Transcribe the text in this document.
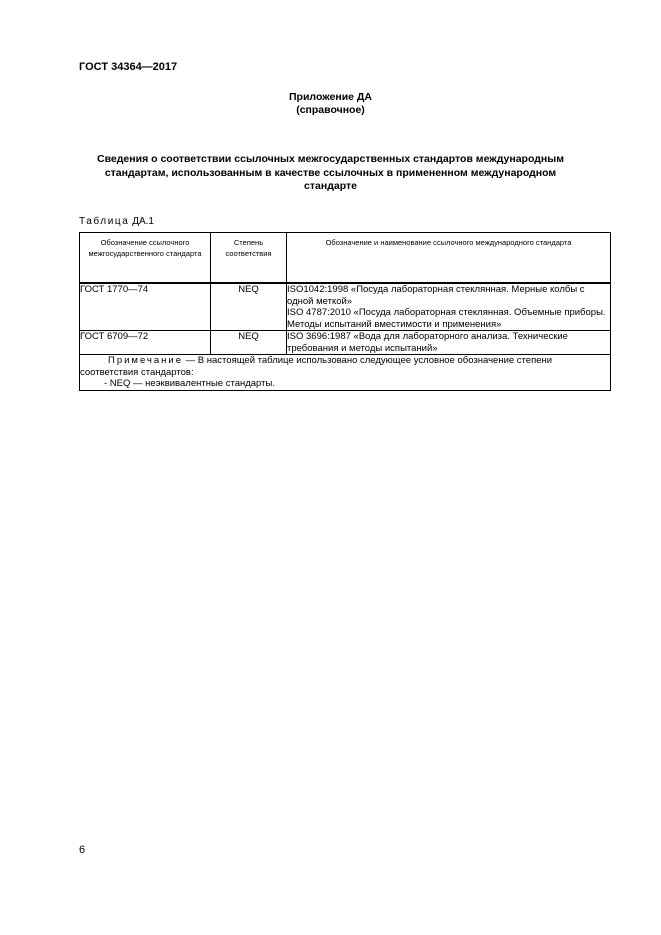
ГОСТ 34364—2017
Приложение ДА
(справочное)
Сведения о соответствии ссылочных межгосударственных стандартов международным стандартам, использованным в качестве ссылочных в примененном международном стандарте
Таблица ДА.1
Обозначение ссылочного межгосударственного стандарта	Степень соответствия	Обозначение и наименование ссылочного международного стандарта
ГОСТ 1770—74	NEQ	ISO1042:1998 «Посуда лабораторная стеклянная. Мерные колбы с одной меткой»
ISO 4787:2010 «Посуда лабораторная стеклянная. Объемные приборы. Методы испытаний вместимости и применения»

ГОСТ 6709—72	NEQ	ISO 3696:1987 «Вода для лабораторного анализа. Технические требования и методы испытаний»

Примечание — В настоящей таблице использовано следующее условное обозначение степени соответствия стандартов:
- NEQ — неэквивалентные стандарты.		
6
